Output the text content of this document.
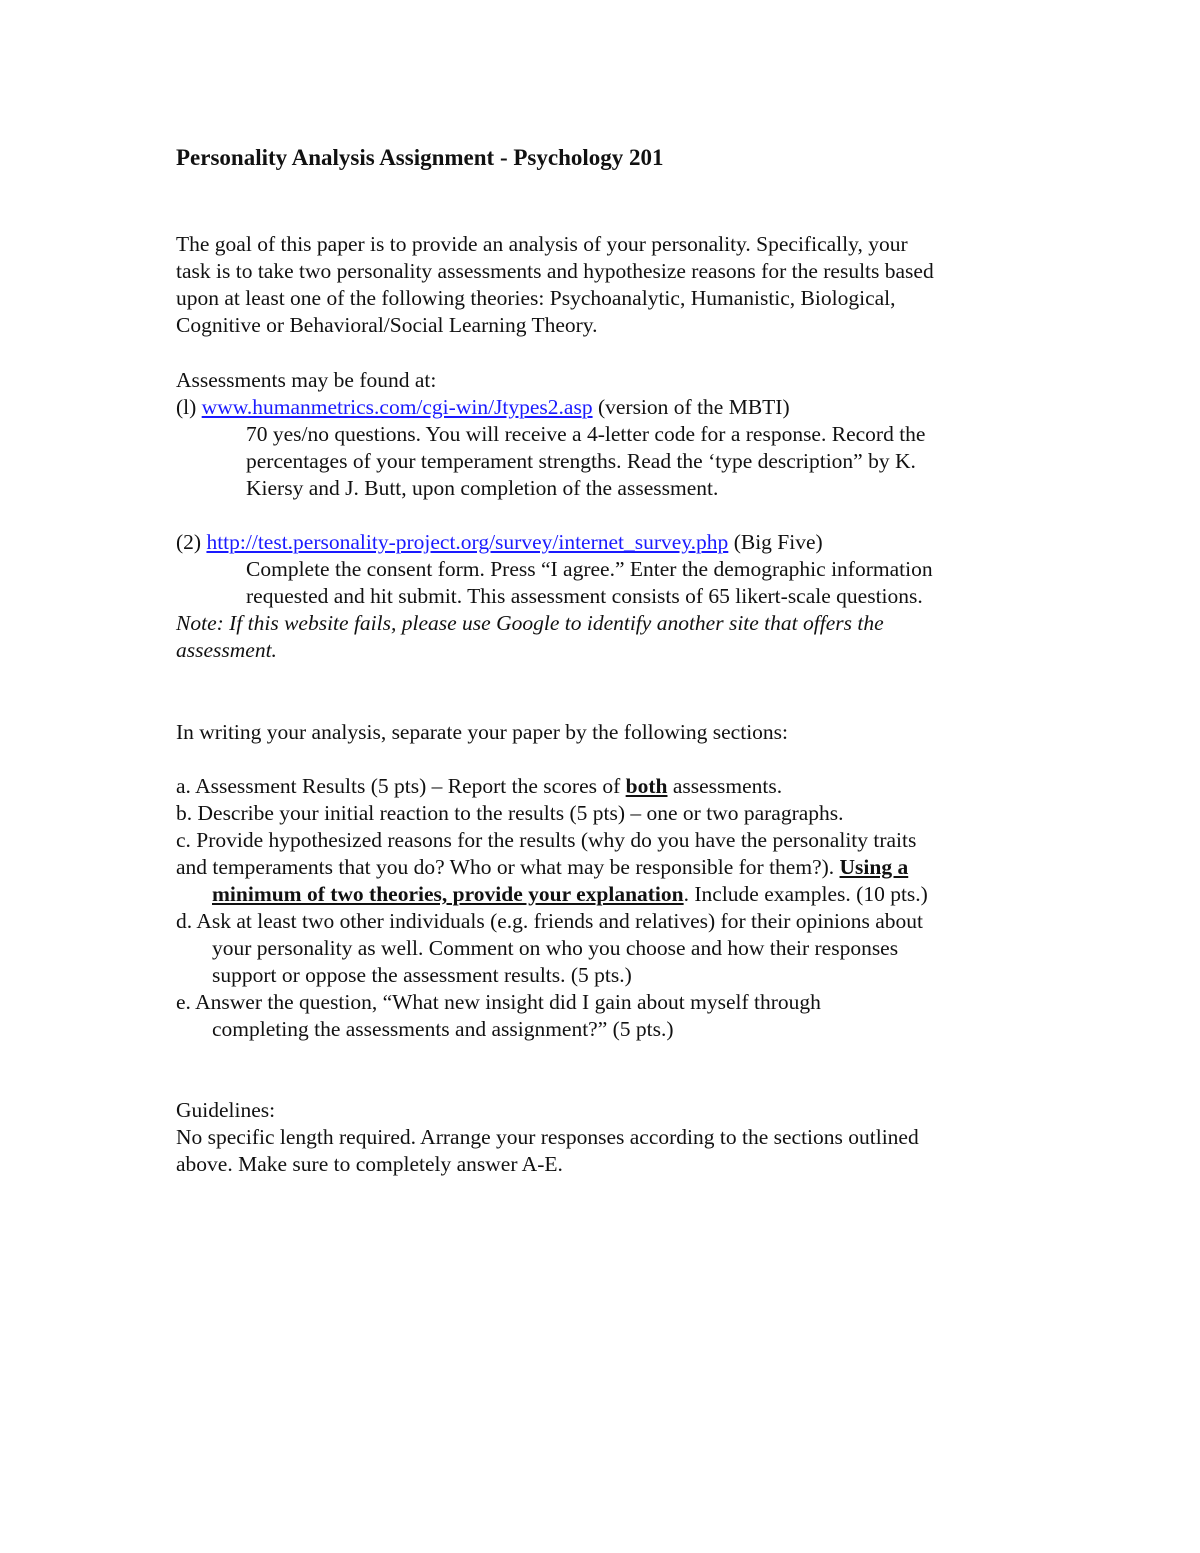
Personality Analysis Assignment - Psychology 201
The goal of this paper is to provide an analysis of your personality. Specifically, your
task is to take two personality assessments and hypothesize reasons for the results based
upon at least one of the following theories: Psychoanalytic, Humanistic, Biological,
Cognitive or Behavioral/Social Learning Theory.
Assessments may be found at:
(l) www.humanmetrics.com/cgi-win/Jtypes2.asp (version of the MBTI)
70 yes/no questions. You will receive a 4-letter code for a response. Record the
percentages of your temperament strengths. Read the ‘type description” by K.
Kiersy and J. Butt, upon completion of the assessment.
(2) http://test.personality-project.org/survey/internet_survey.php (Big Five)
Complete the consent form. Press “I agree.” Enter the demographic information
requested and hit submit. This assessment consists of 65 likert-scale questions.
Note: If this website fails, please use Google to identify another site that offers the
assessment.
In writing your analysis, separate your paper by the following sections:
a. Assessment Results (5 pts) – Report the scores of both assessments.
b. Describe your initial reaction to the results (5 pts) – one or two paragraphs.
c. Provide hypothesized reasons for the results (why do you have the personality traits
and temperaments that you do? Who or what may be responsible for them?). Using a
minimum of two theories, provide your explanation. Include examples. (10 pts.)
d. Ask at least two other individuals (e.g. friends and relatives) for their opinions about
your personality as well. Comment on who you choose and how their responses
support or oppose the assessment results. (5 pts.)
e. Answer the question, “What new insight did I gain about myself through
completing the assessments and assignment?” (5 pts.)
Guidelines:
No specific length required. Arrange your responses according to the sections outlined
above. Make sure to completely answer A-E.
